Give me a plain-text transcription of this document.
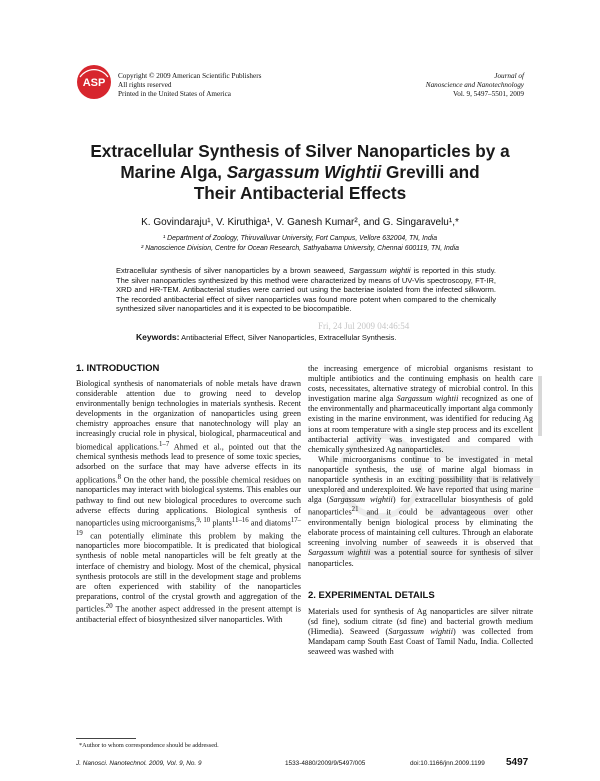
ASP
Copyright © 2009 American Scientific Publishers
All rights reserved
Printed in the United States of America
Journal of
Nanoscience and Nanotechnology
Vol. 9, 5497–5501, 2009
Extracellular Synthesis of Silver Nanoparticles by a
Marine Alga, Sargassum Wightii Grevilli and
Their Antibacterial Effects
K. Govindaraju¹, V. Kiruthiga¹, V. Ganesh Kumar², and G. Singaravelu¹,*
¹ Department of Zoology, Thiruvalluvar University, Fort Campus, Vellore 632004, TN, India
² Nanoscience Division, Centre for Ocean Research, Sathyabama University, Chennai 600119, TN, India
Extracellular synthesis of silver nanoparticles by a brown seaweed, Sargassum wightii is reported in this study. The silver nanoparticles synthesized by this method were characterized by means of UV-Vis spectroscopy, FT-IR, XRD and HR-TEM. Antibacterial studies were carried out using the bacteriae isolated from the infected silkworm. The recorded antibacterial effect of silver nanoparticles was found more potent when compared to the chemically synthesized silver nanoparticles and it is expected to be biocompatible.
Fri, 24 Jul 2009 04:46:54
Keywords: Antibacterial Effect, Silver Nanoparticles, Extracellular Synthesis.
1. INTRODUCTION

Biological synthesis of nanomaterials of noble metals have drawn considerable attention due to growing need to develop environmentally benign technologies in materials synthesis. Recent developments in the organization of nanoparticles using green chemistry approaches ensure that nanotechnology will play an increasingly crucial role in physical, biological, pharmaceutical and biomedical applications.$^{1-7}$ Ahmed et al., pointed out that the chemical synthesis methods lead to presence of some toxic species, adsorbed on the surface that may have adverse effects in its applications.$^8$ On the other hand, the possible chemical residues on nanoparticles may interact with biological systems. This enables our pathway to find out new biological procedures to overcome such adverse effects during applications. Biological synthesis of nanoparticles using microorganisms,$^{9, 10}$ plants$^{11-16}$ and diatoms$^{17-19}$ can potentially eliminate this problem by making the nanoparticles more biocompatible. It is predicated that biological synthesis of noble metal nanoparticles will be felt greatly at the interface of chemistry and biology. Most of the chemical, physical synthesis protocols are still in the development stage and problems are often experienced with stability of the nanoparticles preparations, control of the crystal growth and aggregation of the particles.$^{20}$ The another aspect addressed in the present attempt is antibacterial effect of biosynthesized silver nanoparticles. With

the increasing emergence of microbial organisms resistant to multiple antibiotics and the continuing emphasis on health care costs, necessitates, alternative strategy of microbial control. In this investigation marine alga Sargassum wightii recognized as one of the environmentally and pharmaceutically important alga commonly existing in the marine environment, was identified for reducing Ag ions at room temperature with a single step process and its excellent antibacterial activity was investigated and compared with chemically synthesized Ag nanoparticles.

While microorganisms continue to be investigated in metal nanoparticle synthesis, the use of marine algal biomass in nanoparticle synthesis in an exciting possibility that is relatively unexplored and underexploited. We have reported that using marine alga (Sargassum wightii) for extracellular biosynthesis of gold nanoparticles$^{21}$ and it could be advantageous over other environmentally benign biological process by eliminating the elaborate process of maintaining cell cultures. Through an elaborate screening involving number of seaweeds it is observed that Sargassum wightii was a potential source for synthesis of silver nanoparticles.

2. EXPERIMENTAL DETAILS

Materials used for synthesis of Ag nanoparticles are silver nitrate (sd fine), sodium citrate (sd fine) and bacterial growth medium (Himedia). Seaweed (Sargassum wightii) was collected from Mandapam camp South East Coast of Tamil Nadu, India. Collected seaweed was washed with

*Author to whom correspondence should be addressed.
J. Nanosci. Nanotechnol. 2009, Vol. 9, No. 9	1533-4880/2009/9/5497/005	doi:10.1166/jnn.2009.1199 5497
